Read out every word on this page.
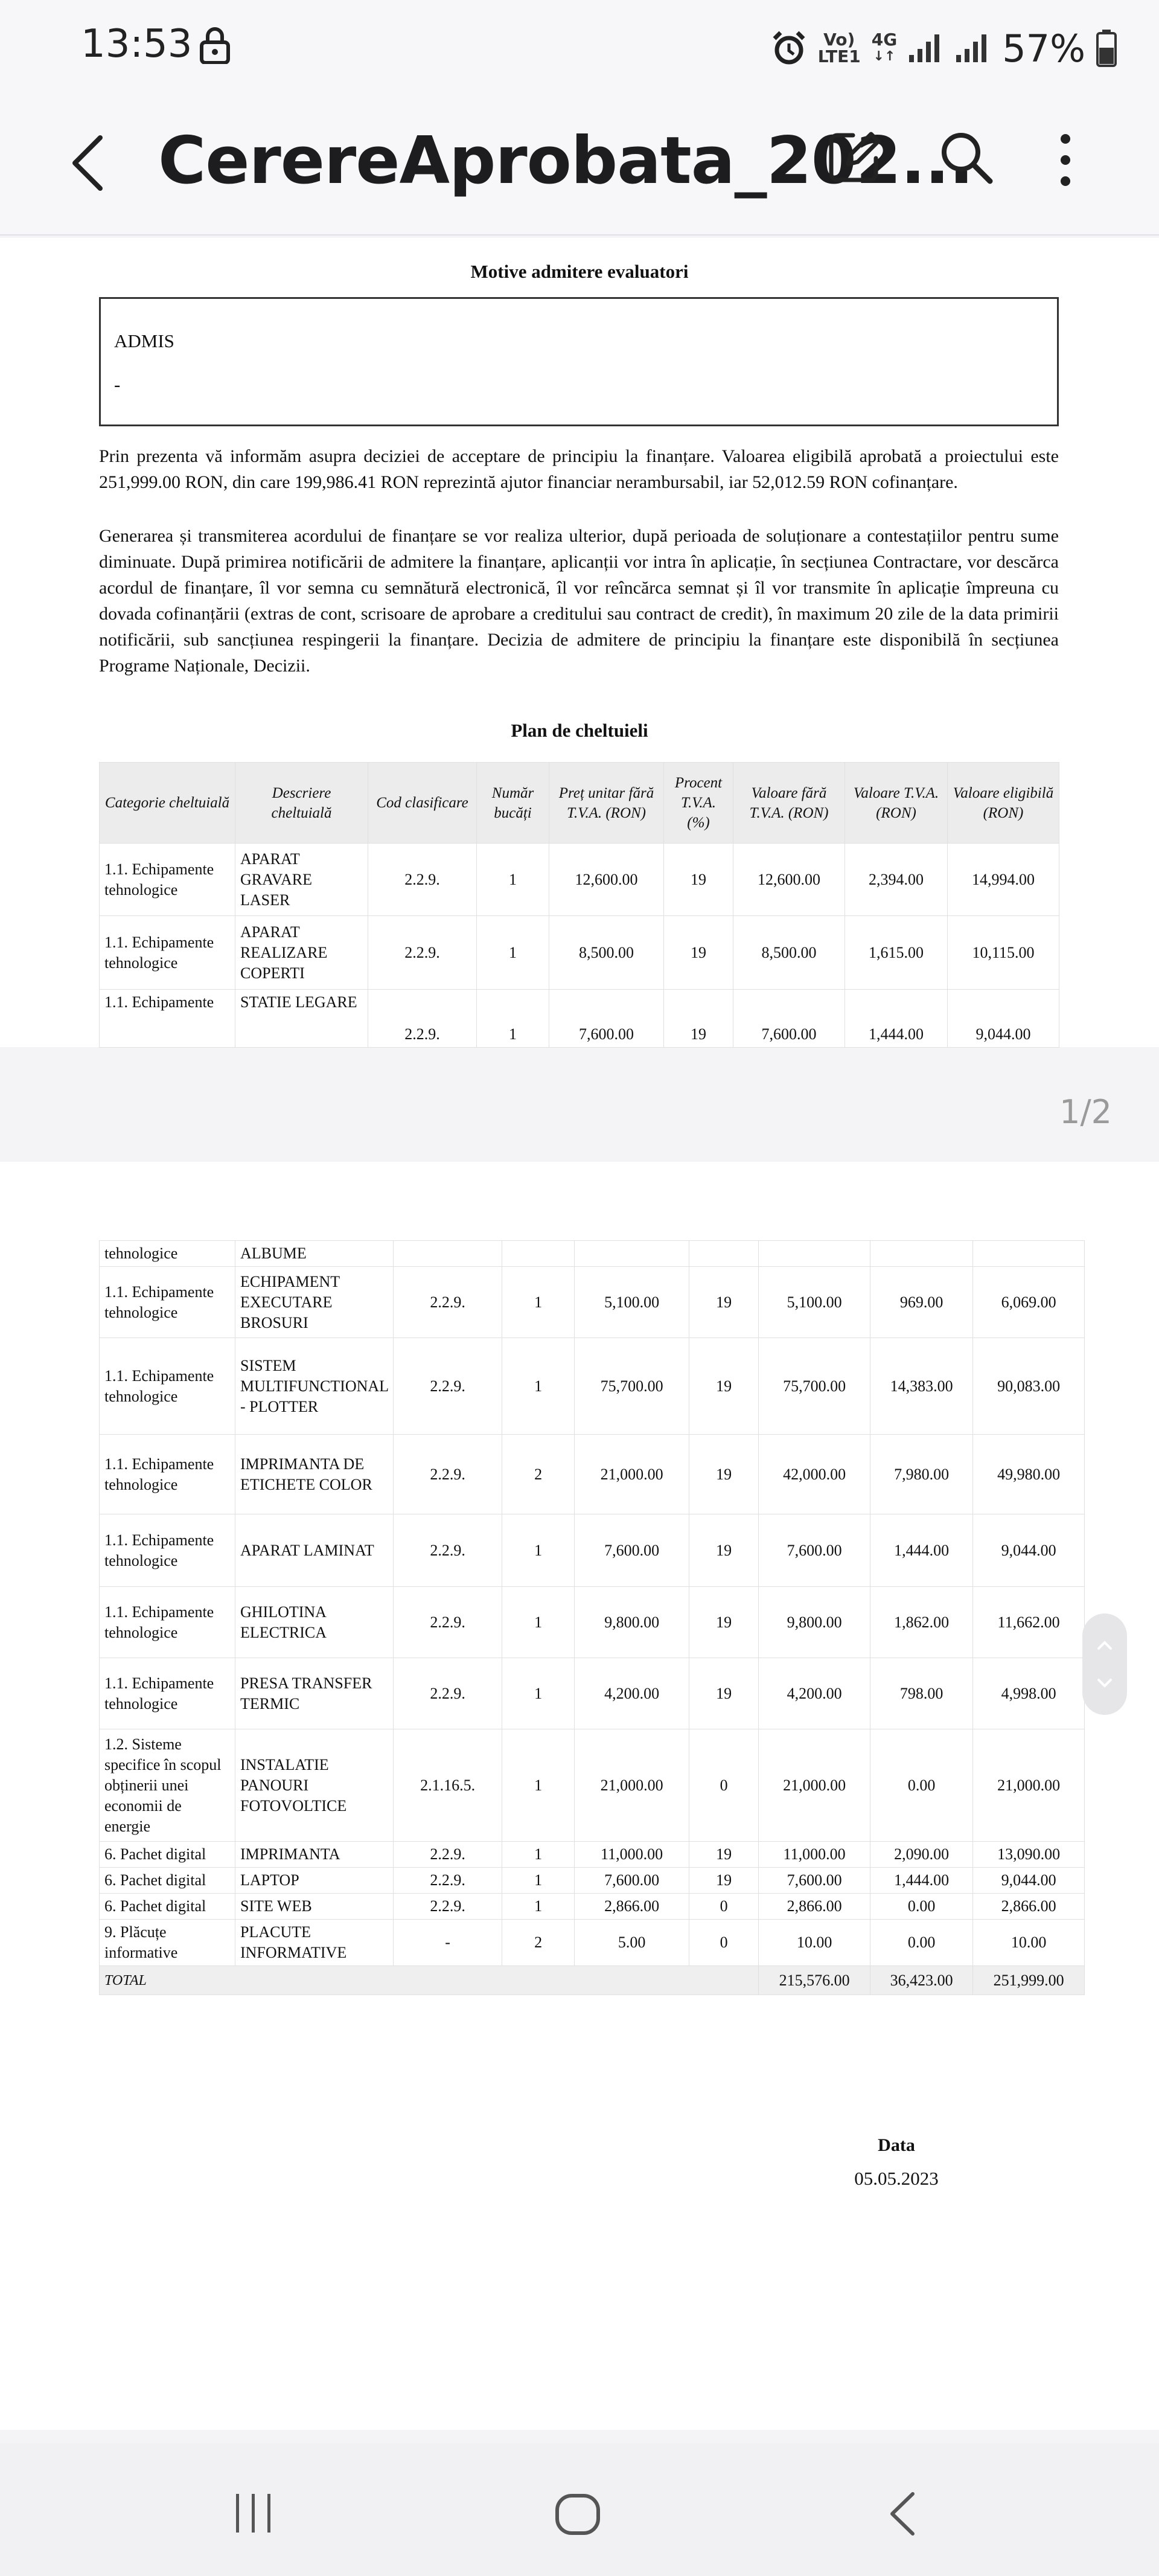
13:53	Vo)
LTE1
4G
↓↑	57%
CerereAprobata_202...
Motive admitere evaluatori
ADMIS
-
Prin prezenta vă informăm asupra deciziei de acceptare de principiu la finanțare. Valoarea eligibilă aprobată a proiectului este 251,999.00 RON, din care 199,986.41 RON reprezintă ajutor financiar nerambursabil, iar 52,012.59 RON cofinanțare.
Generarea și transmiterea acordului de finanțare se vor realiza ulterior, după perioada de soluționare a contestațiilor pentru sume diminuate. După primirea notificării de admitere la finanțare, aplicanții vor intra în aplicație, în secțiunea Contractare, vor descărca acordul de finanțare, îl vor semna cu semnătură electronică, îl vor reîncărca semnat și îl vor transmite în aplicație împreuna cu dovada cofinanțării (extras de cont, scrisoare de aprobare a creditului sau contract de credit), în maximum 20 zile de la data primirii notificării, sub sancțiunea respingerii la finanțare. Decizia de admitere de principiu la finanțare este disponibilă în secțiunea Programe Naționale, Decizii.
Plan de cheltuieli
Categorie cheltuială	Descriere cheltuială	Cod clasificare	Număr bucăți	Preț unitar fără T.V.A. (RON)	Procent T.V.A. (%)	Valoare fără T.V.A. (RON)	Valoare T.V.A. (RON)	Valoare eligibilă (RON)
1.1. Echipamente tehnologice	APARAT GRAVARE LASER	2.2.9.	1	12,600.00	19	12,600.00	2,394.00	14,994.00
1.1. Echipamente tehnologice	APARAT REALIZARE COPERTI	2.2.9.	1	8,500.00	19	8,500.00	1,615.00	10,115.00
1.1. Echipamente	STATIE LEGARE	2.2.9.	1	7,600.00	19	7,600.00	1,444.00	9,044.00
1/2
tehnologice	ALBUME							
1.1. Echipamente tehnologice	ECHIPAMENT EXECUTARE BROSURI	2.2.9.	1	5,100.00	19	5,100.00	969.00	6,069.00
1.1. Echipamente tehnologice	SISTEM MULTIFUNCTIONAL - PLOTTER	2.2.9.	1	75,700.00	19	75,700.00	14,383.00	90,083.00
1.1. Echipamente tehnologice	IMPRIMANTA DE ETICHETE COLOR	2.2.9.	2	21,000.00	19	42,000.00	7,980.00	49,980.00
1.1. Echipamente tehnologice	APARAT LAMINAT	2.2.9.	1	7,600.00	19	7,600.00	1,444.00	9,044.00
1.1. Echipamente tehnologice	GHILOTINA ELECTRICA	2.2.9.	1	9,800.00	19	9,800.00	1,862.00	11,662.00
1.1. Echipamente tehnologice	PRESA TRANSFER TERMIC	2.2.9.	1	4,200.00	19	4,200.00	798.00	4,998.00
1.2. Sisteme specifice în scopul obținerii unei economii de energie	INSTALATIE PANOURI FOTOVOLTICE	2.1.16.5.	1	21,000.00	0	21,000.00	0.00	21,000.00
6. Pachet digital	IMPRIMANTA	2.2.9.	1	11,000.00	19	11,000.00	2,090.00	13,090.00
6. Pachet digital	LAPTOP	2.2.9.	1	7,600.00	19	7,600.00	1,444.00	9,044.00
6. Pachet digital	SITE WEB	2.2.9.	1	2,866.00	0	2,866.00	0.00	2,866.00
9. Plăcuțe informative	PLACUTE INFORMATIVE	-	2	5.00	0	10.00	0.00	10.00
TOTAL						215,576.00	36,423.00	251,999.00
Data
05.05.2023
